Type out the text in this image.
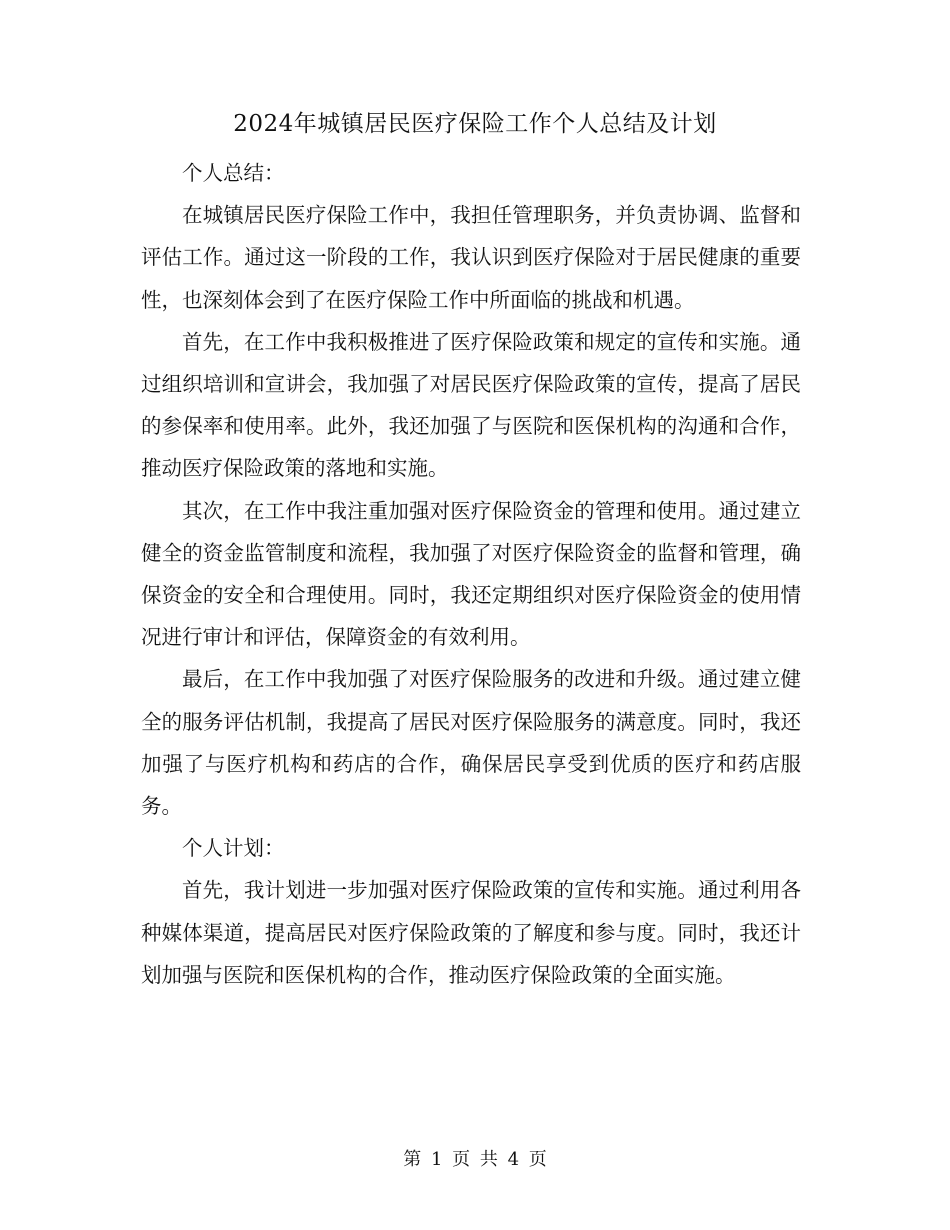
2024年城镇居民医疗保险工作个人总结及计划

个人总结：

在城镇居民医疗保险工作中，我担任管理职务，并负责协调、监督和评估工作。通过这一阶段的工作，我认识到医疗保险对于居民健康的重要性，也深刻体会到了在医疗保险工作中所面临的挑战和机遇。

首先，在工作中我积极推进了医疗保险政策和规定的宣传和实施。通过组织培训和宣讲会，我加强了对居民医疗保险政策的宣传，提高了居民的参保率和使用率。此外，我还加强了与医院和医保机构的沟通和合作，推动医疗保险政策的落地和实施。

其次，在工作中我注重加强对医疗保险资金的管理和使用。通过建立健全的资金监管制度和流程，我加强了对医疗保险资金的监督和管理，确保资金的安全和合理使用。同时，我还定期组织对医疗保险资金的使用情况进行审计和评估，保障资金的有效利用。

最后，在工作中我加强了对医疗保险服务的改进和升级。通过建立健全的服务评估机制，我提高了居民对医疗保险服务的满意度。同时，我还加强了与医疗机构和药店的合作，确保居民享受到优质的医疗和药店服务。

个人计划：

首先，我计划进一步加强对医疗保险政策的宣传和实施。通过利用各种媒体渠道，提高居民对医疗保险政策的了解度和参与度。同时，我还计划加强与医院和医保机构的合作，推动医疗保险政策的全面实施。

第 1 页 共 4 页
